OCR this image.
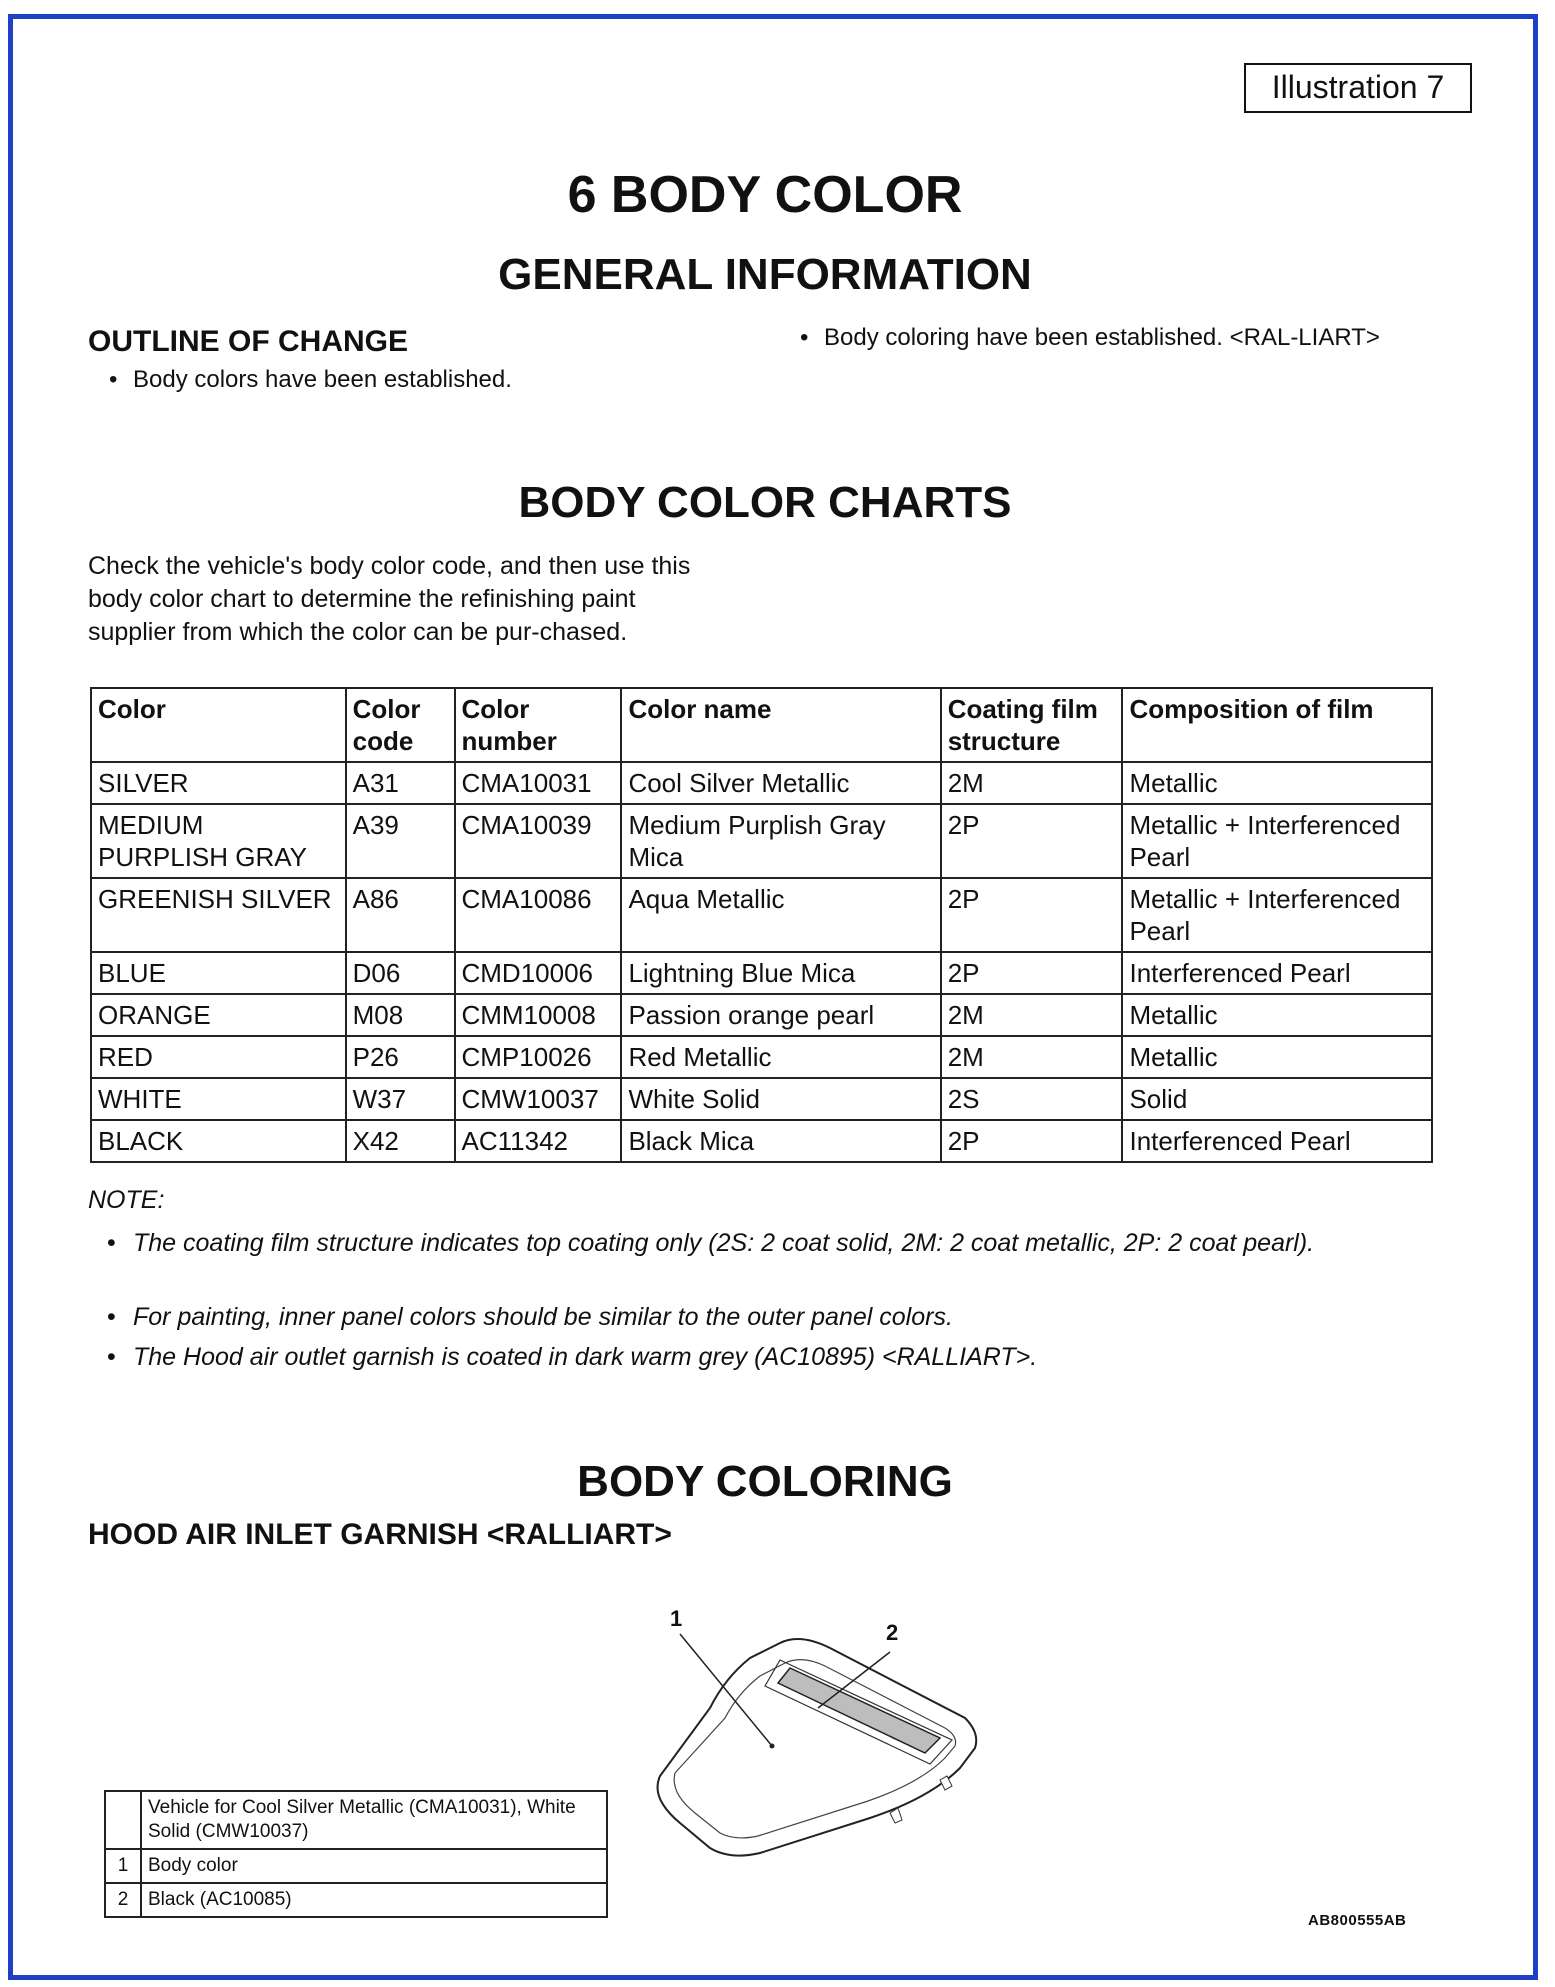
Illustration 7
6 BODY COLOR
GENERAL INFORMATION
OUTLINE OF CHANGE
• Body colors have been established.
• Body coloring have been established. <RAL-LIART>
BODY COLOR CHARTS
Check the vehicle's body color code, and then use this body color chart to determine the refinishing paint supplier from which the color can be pur-chased.
Color	Color code	Color number	Color name	Coating film structure	Composition of film
SILVER	A31	CMA10031	Cool Silver Metallic	2M	Metallic
MEDIUM PURPLISH GRAY	A39	CMA10039	Medium Purplish Gray Mica	2P	Metallic + Interferenced Pearl
GREENISH SILVER	A86	CMA10086	Aqua Metallic	2P	Metallic + Interferenced Pearl
BLUE	D06	CMD10006	Lightning Blue Mica	2P	Interferenced Pearl
ORANGE	M08	CMM10008	Passion orange pearl	2M	Metallic
RED	P26	CMP10026	Red Metallic	2M	Metallic
WHITE	W37	CMW10037	White Solid	2S	Solid
BLACK	X42	AC11342	Black Mica	2P	Interferenced Pearl
NOTE:
• The coating film structure indicates top coating only (2S: 2 coat solid, 2M: 2 coat metallic, 2P: 2 coat pearl).
• For painting, inner panel colors should be similar to the outer panel colors.
• The Hood air outlet garnish is coated in dark warm grey (AC10895) <RALLIART>.
BODY COLORING
HOOD AIR INLET GARNISH <RALLIART>
1
2
	Vehicle for Cool Silver Metallic (CMA10031), White Solid (CMW10037)
1	Body color
2	Black (AC10085)
AB800555AB
